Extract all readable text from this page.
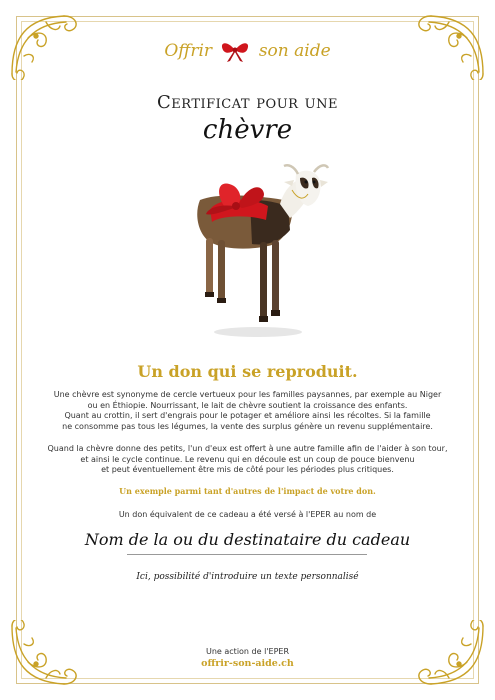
Offrir	son aide
Certificat pour une
chèvre
Un don qui se reproduit.
Une chèvre est synonyme de cercle vertueux pour les familles paysannes, par exemple au Niger
ou en Éthiopie. Nourrissant, le lait de chèvre soutient la croissance des enfants.
Quant au crottin, il sert d'engrais pour le potager et améliore ainsi les récoltes. Si la famille
ne consomme pas tous les légumes, la vente des surplus génère un revenu supplémentaire.
Quand la chèvre donne des petits, l'un d'eux est offert à une autre famille afin de l'aider à son tour,
et ainsi le cycle continue. Le revenu qui en découle est un coup de pouce bienvenu
et peut éventuellement être mis de côté pour les périodes plus critiques.
Un exemple parmi tant d'autres de l'impact de votre don.
Un don équivalent de ce cadeau a été versé à l'EPER au nom de
Nom de la ou du destinataire du cadeau
Ici, possibilité d'introduire un texte personnalisé
Une action de l'EPER
offrir-son-aide.ch
